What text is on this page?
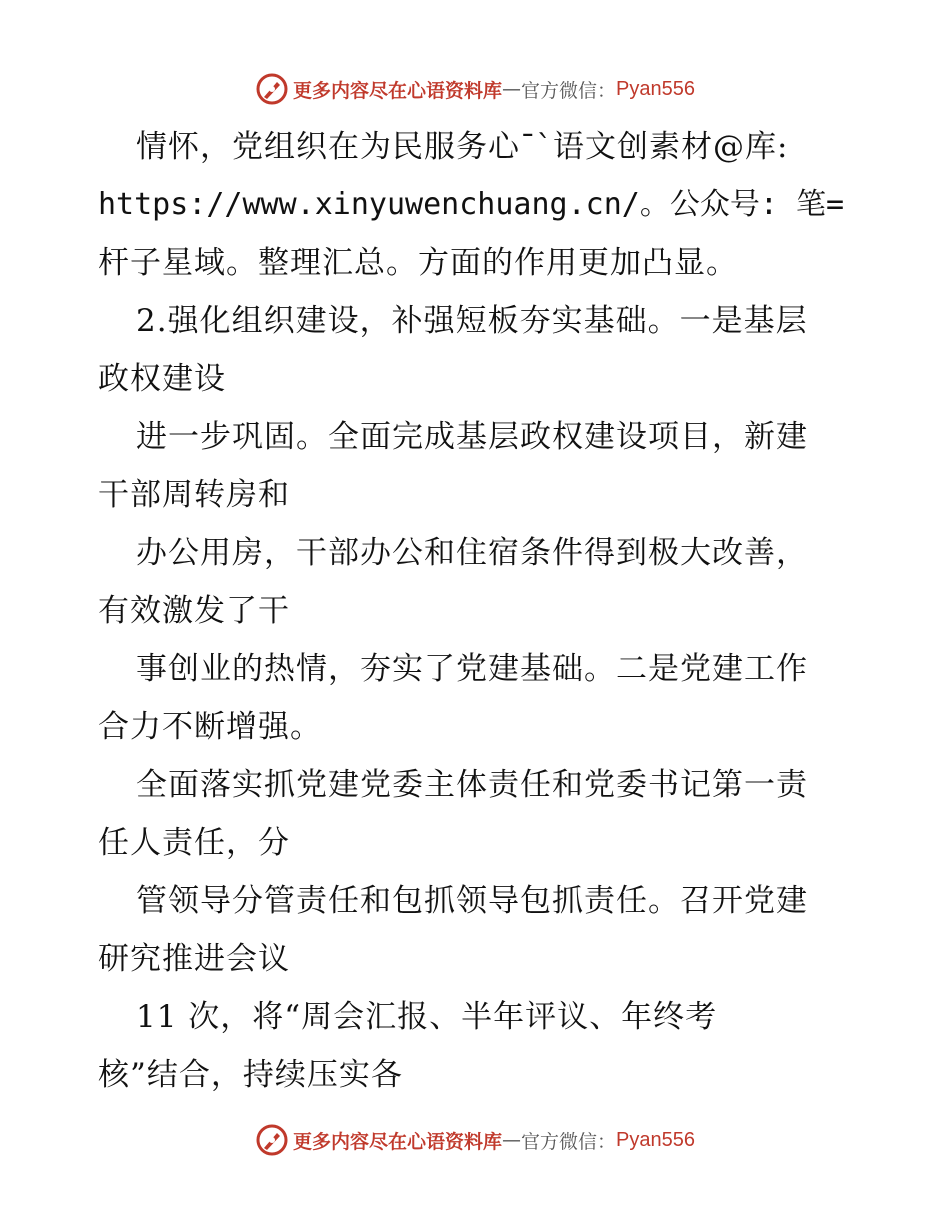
更多内容尽在心语资料库 — 官方微信： Pyan556
情怀，党组织在为民服务心¯`语文创素材@库:
https://www.xinyuwenchuang.cn/。公众号: 笔=
杆子星域。整理汇总。方面的作用更加凸显。
2.强化组织建设，补强短板夯实基础。一是基层
政权建设
进一步巩固。全面完成基层政权建设项目，新建
干部周转房和
办公用房，干部办公和住宿条件得到极大改善，
有效激发了干
事创业的热情，夯实了党建基础。二是党建工作
合力不断增强。
全面落实抓党建党委主体责任和党委书记第一责
任人责任，分
管领导分管责任和包抓领导包抓责任。召开党建
研究推进会议
11 次，将“周会汇报、半年评议、年终考
核”结合，持续压实各
更多内容尽在心语资料库 — 官方微信： Pyan556
